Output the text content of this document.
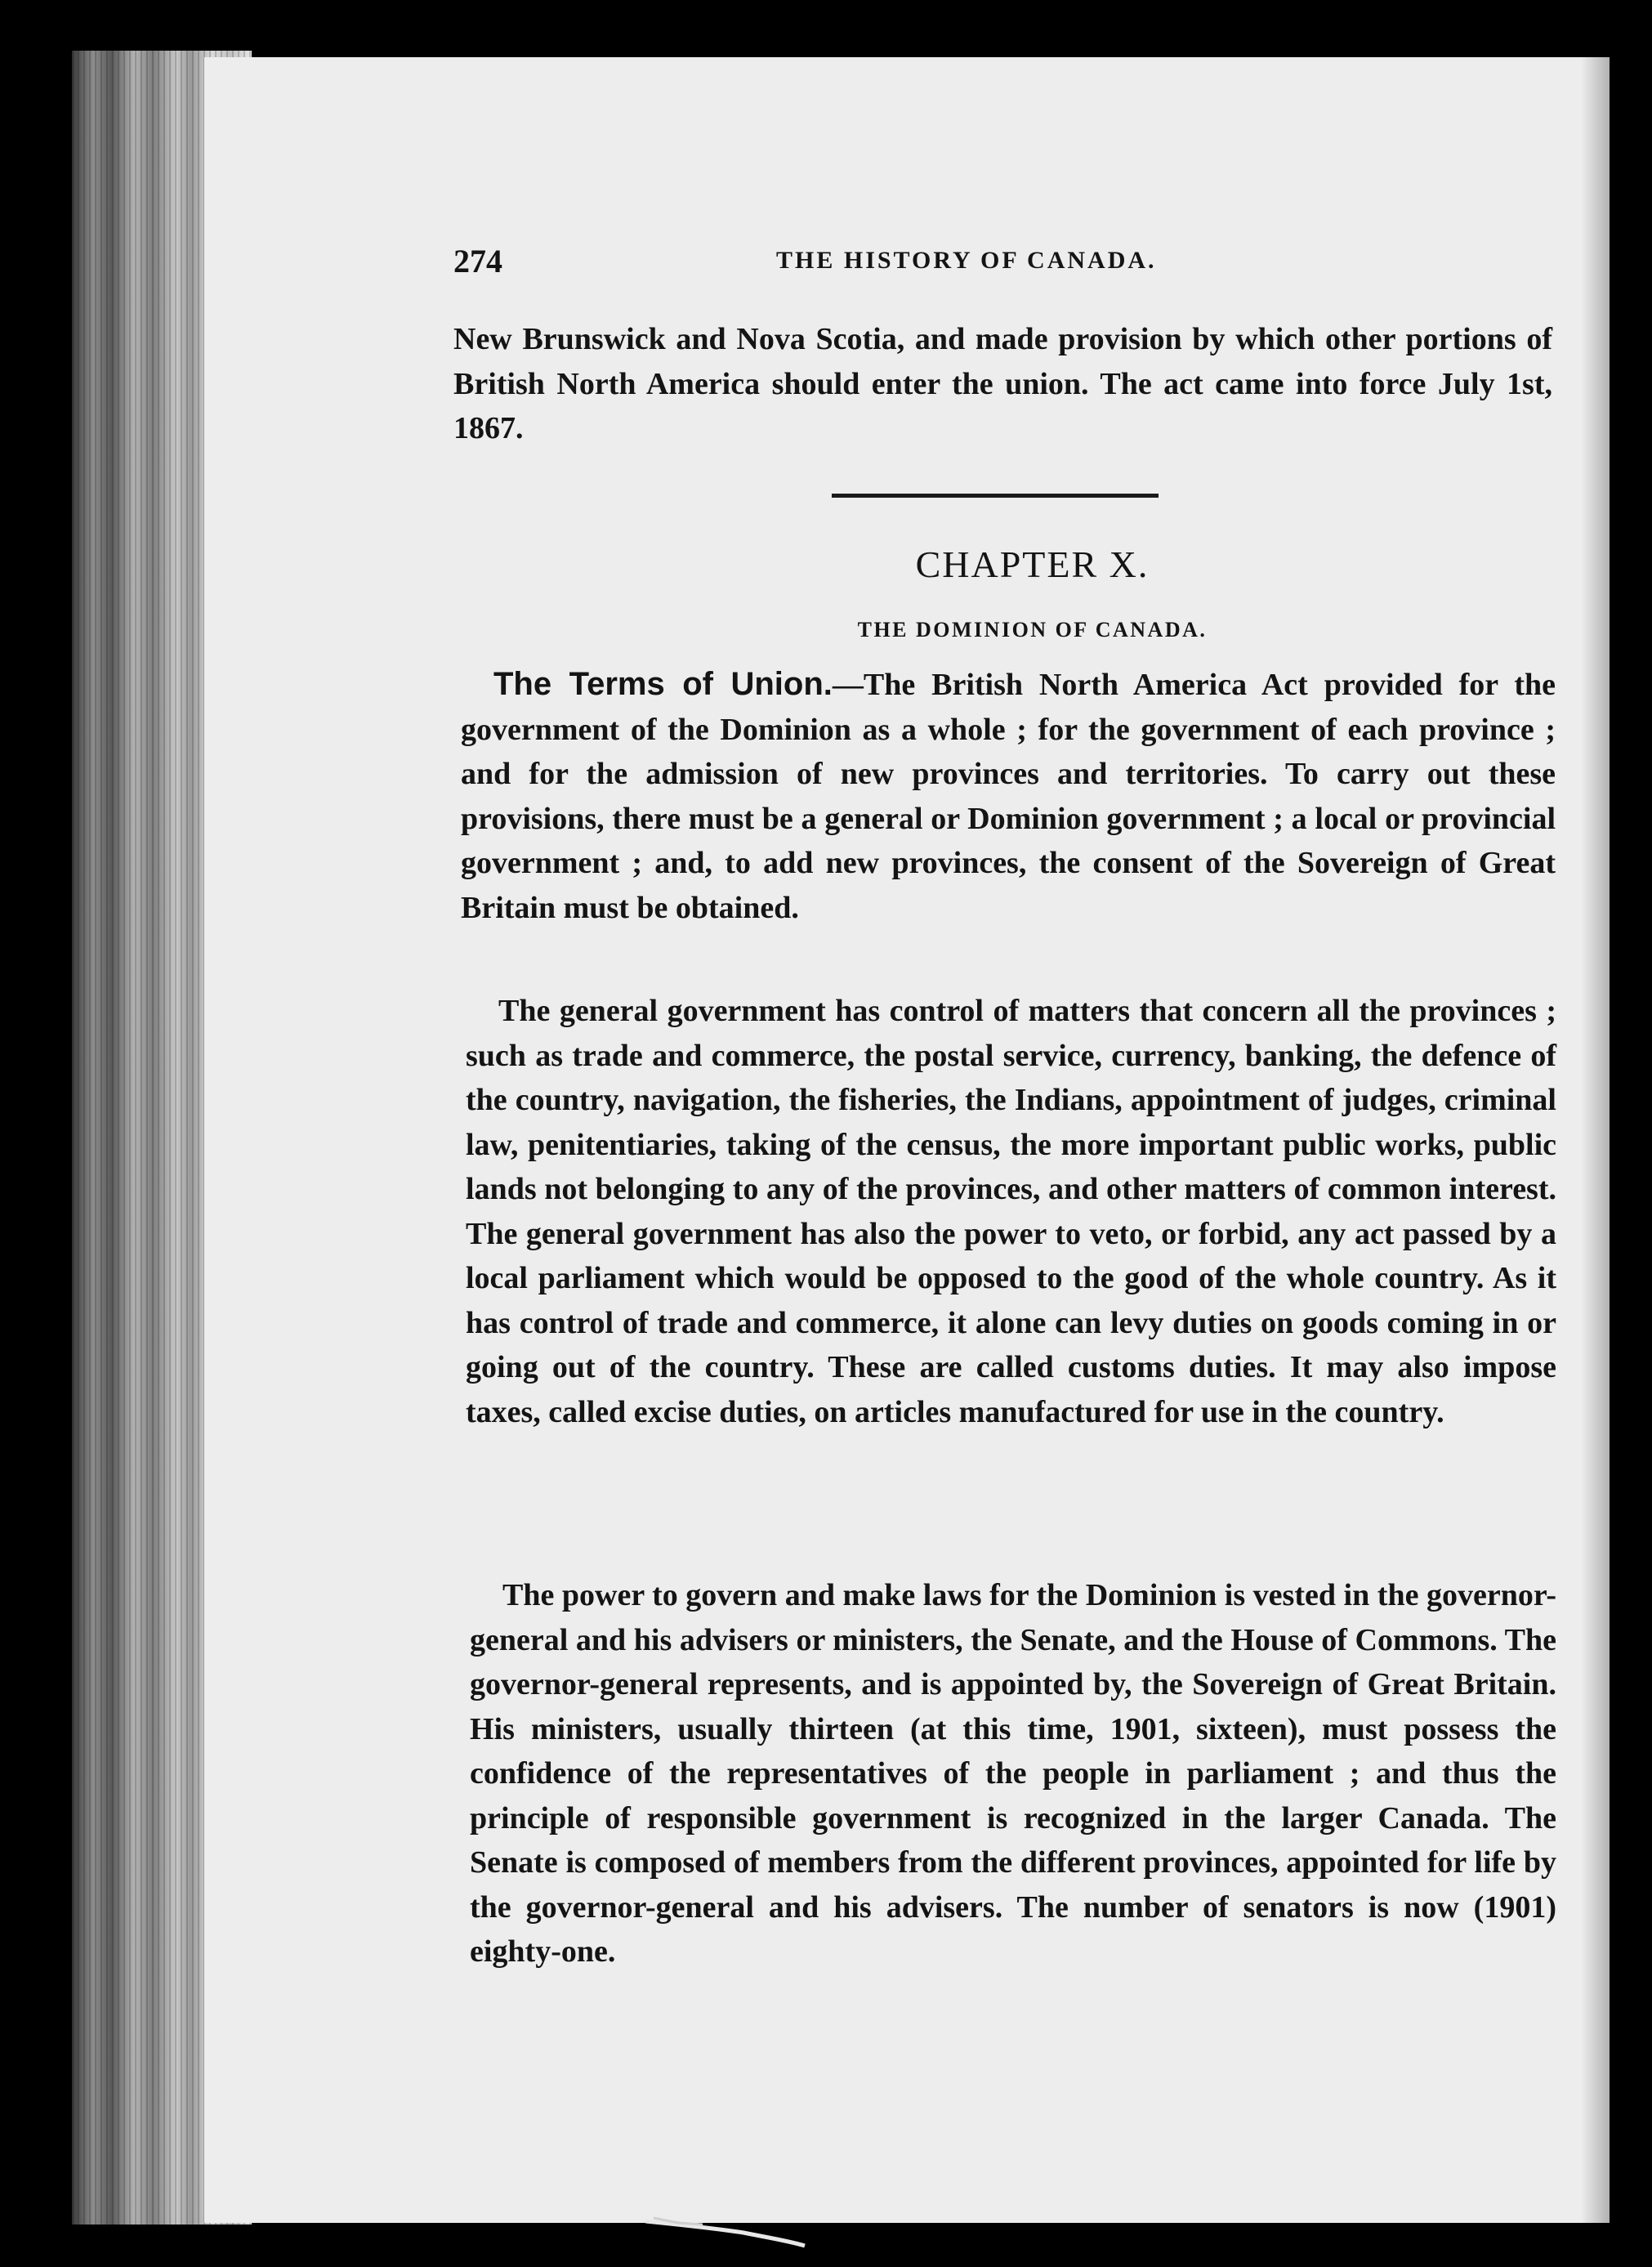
274	THE HISTORY OF CANADA.

New Brunswick and Nova Scotia, and made provision by which other portions of British North America should enter the union. The act came into force July 1st, 1867.

CHAPTER X.
THE DOMINION OF CANADA.

The Terms of Union.—The British North America Act provided for the government of the Dominion as a whole ; for the government of each province ; and for the admission of new provinces and territories. To carry out these provisions, there must be a general or Dominion government ; a local or provincial government ; and, to add new provinces, the consent of the Sovereign of Great Britain must be obtained.

The general government has control of matters that concern all the provinces ; such as trade and commerce, the postal service, currency, banking, the defence of the country, navigation, the fisheries, the Indians, appointment of judges, criminal law, penitentiaries, taking of the census, the more important public works, public lands not belonging to any of the provinces, and other matters of common interest. The general government has also the power to veto, or forbid, any act passed by a local parliament which would be opposed to the good of the whole country. As it has control of trade and commerce, it alone can levy duties on goods coming in or going out of the country. These are called customs duties. It may also impose taxes, called excise duties, on articles manufactured for use in the country.

The power to govern and make laws for the Dominion is vested in the governor-general and his advisers or ministers, the Senate, and the House of Commons. The governor-general represents, and is appointed by, the Sovereign of Great Britain. His ministers, usually thirteen (at this time, 1901, sixteen), must possess the confidence of the representatives of the people in parliament ; and thus the principle of responsible government is recognized in the larger Canada. The Senate is composed of members from the different provinces, appointed for life by the governor-general and his advisers. The number of senators is now (1901) eighty-one.
